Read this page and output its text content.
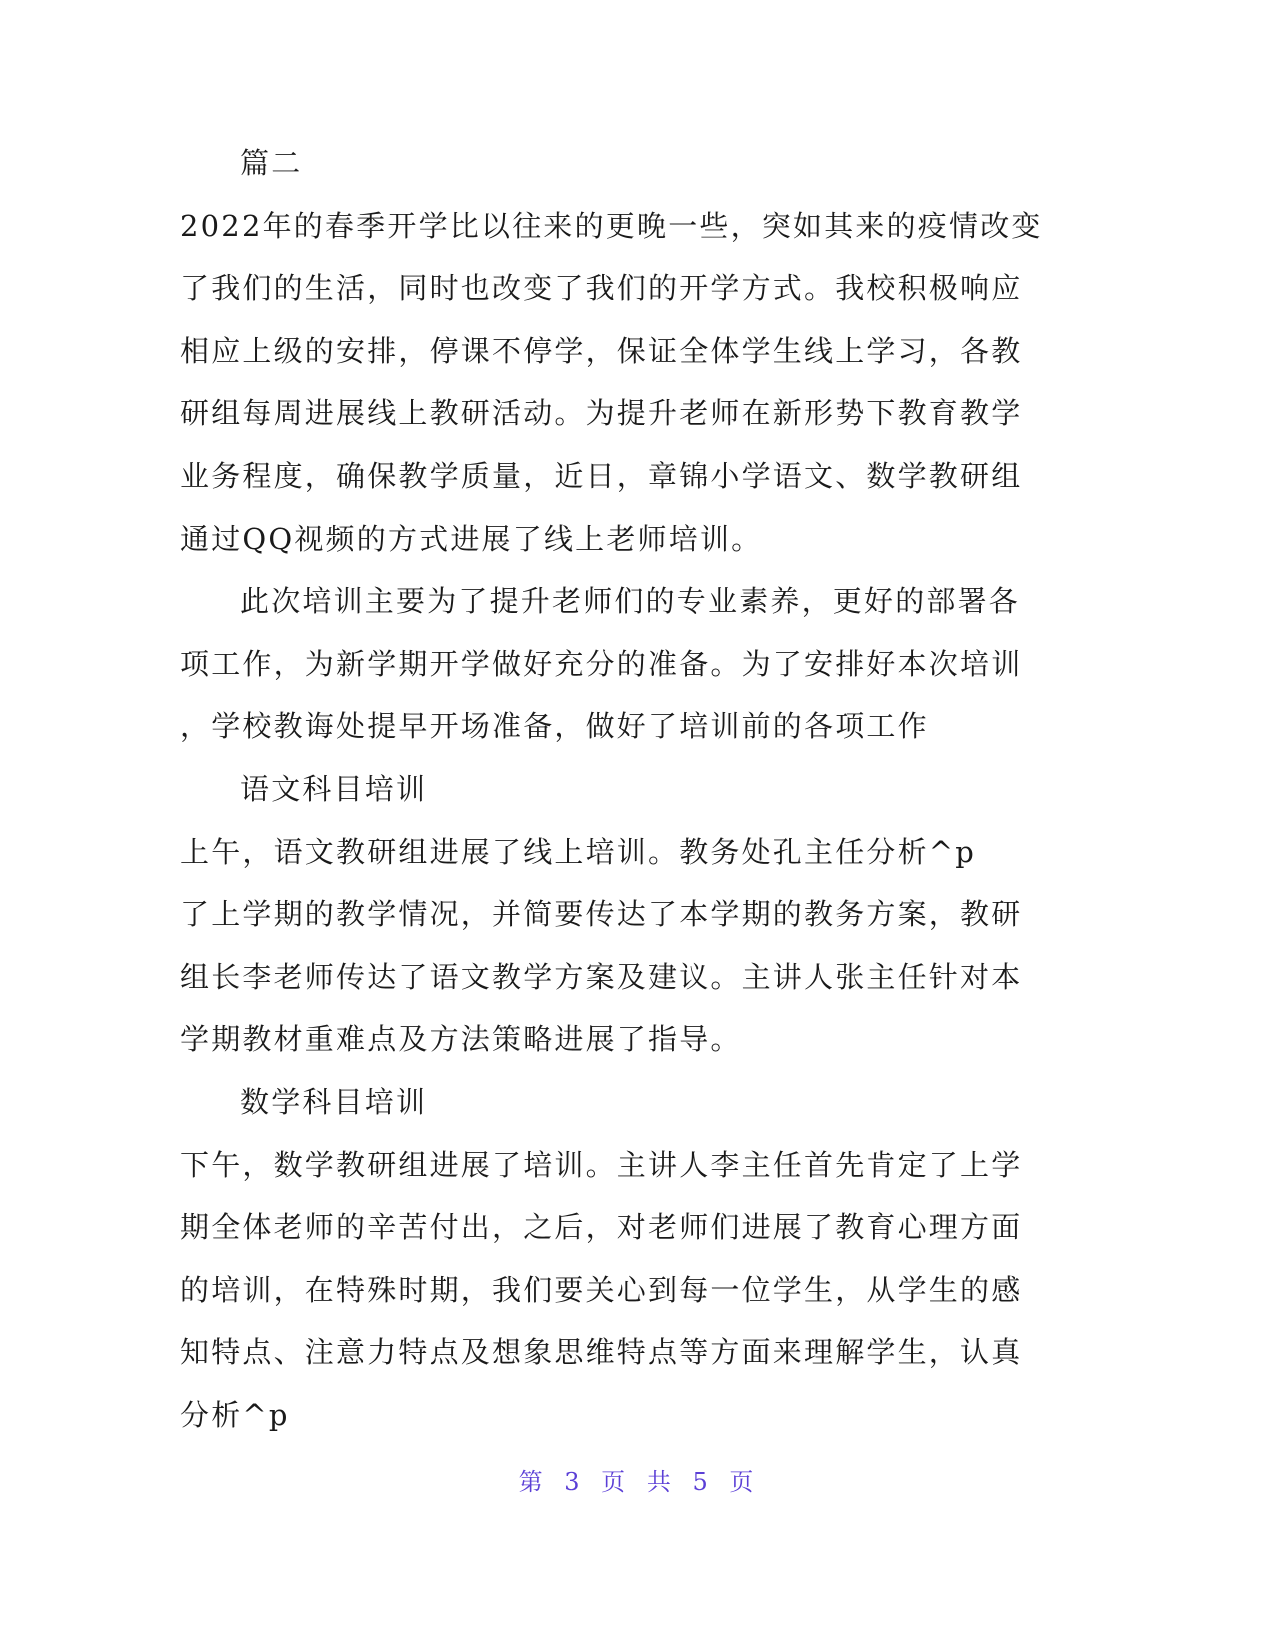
篇二
2022年的春季开学比以往来的更晚一些，突如其来的疫情改变
了我们的生活，同时也改变了我们的开学方式。我校积极响应
相应上级的安排，停课不停学，保证全体学生线上学习，各教
研组每周进展线上教研活动。为提升老师在新形势下教育教学
业务程度，确保教学质量，近日，章锦小学语文、数学教研组
通过QQ视频的方式进展了线上老师培训。
此次培训主要为了提升老师们的专业素养，更好的部署各
项工作，为新学期开学做好充分的准备。为了安排好本次培训
，学校教诲处提早开场准备，做好了培训前的各项工作
语文科目培训
上午，语文教研组进展了线上培训。教务处孔主任分析^p
了上学期的教学情况，并简要传达了本学期的教务方案，教研
组长李老师传达了语文教学方案及建议。主讲人张主任针对本
学期教材重难点及方法策略进展了指导。
数学科目培训
下午，数学教研组进展了培训。主讲人李主任首先肯定了上学
期全体老师的辛苦付出，之后，对老师们进展了教育心理方面
的培训，在特殊时期，我们要关心到每一位学生，从学生的感
知特点、注意力特点及想象思维特点等方面来理解学生，认真
分析^p
第 3 页 共 5 页
